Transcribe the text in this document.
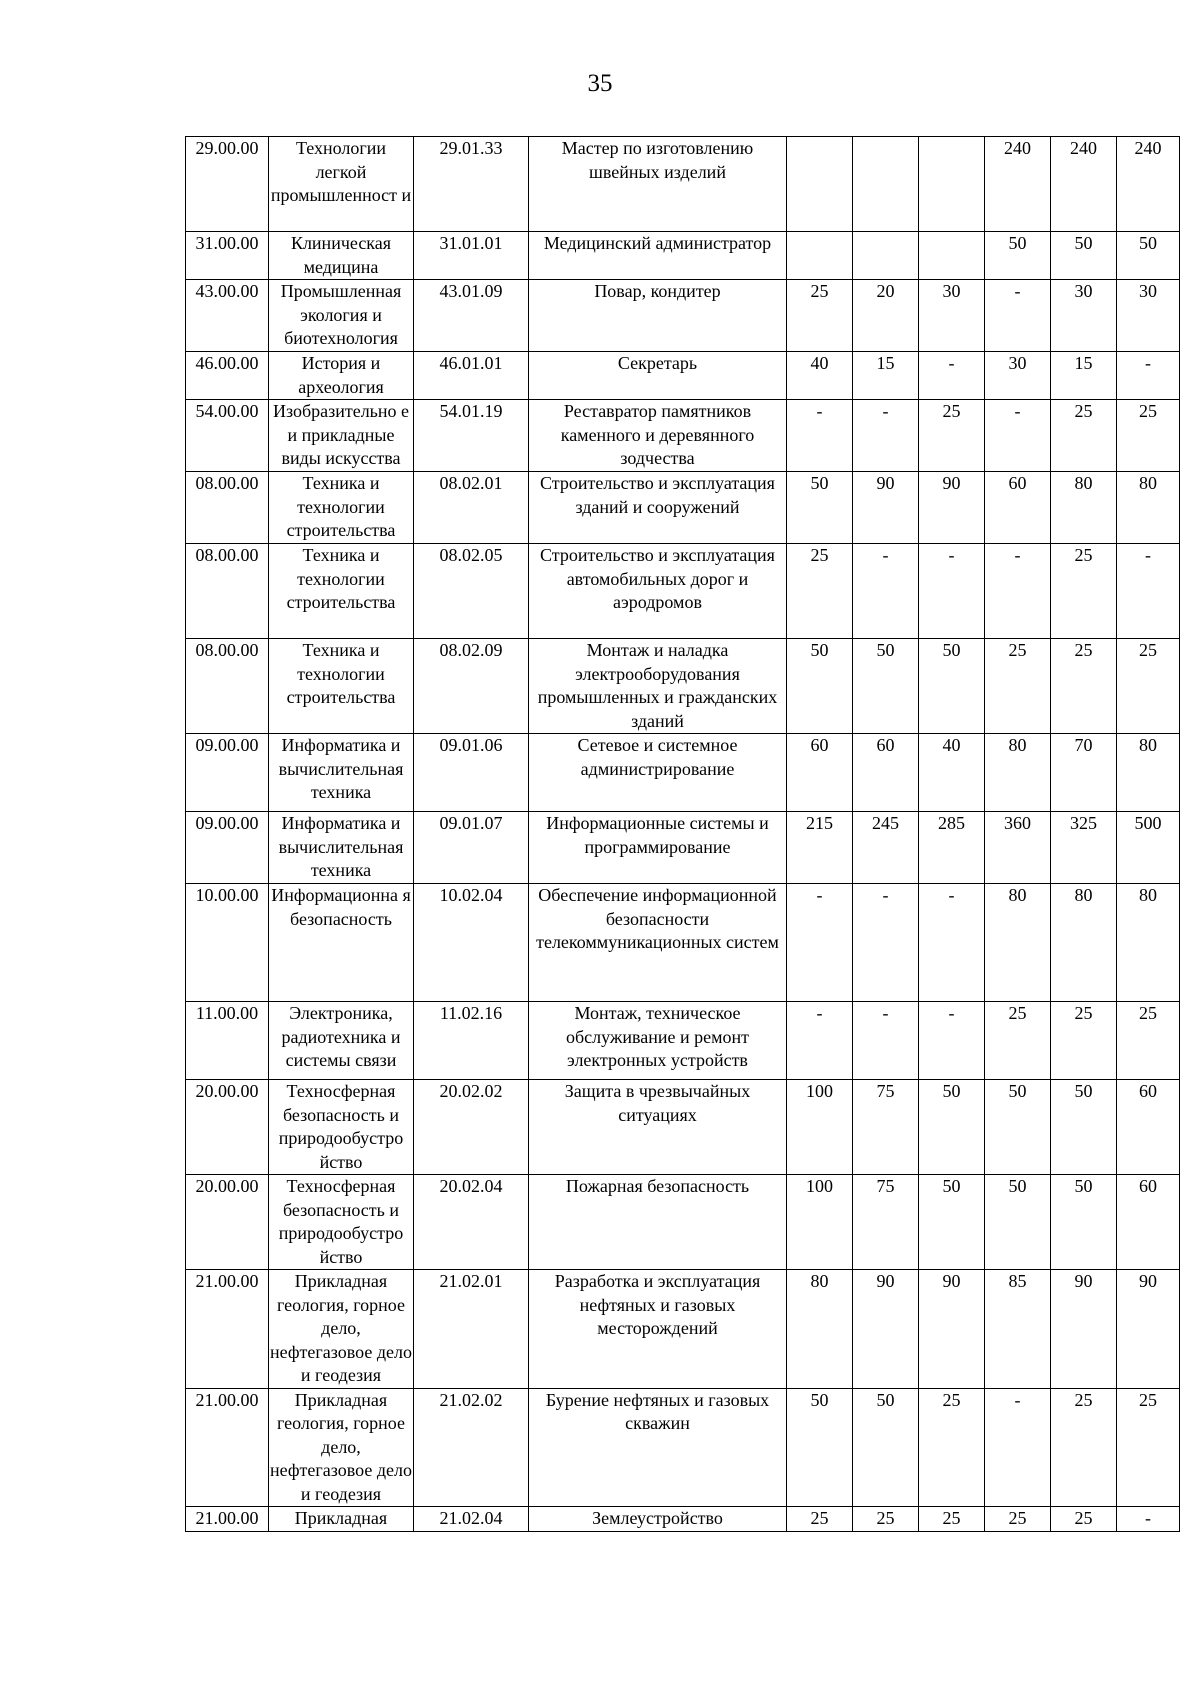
35
29.00.00	Технологии легкой промышленност и	29.01.33	Мастер по изготовлению швейных изделий				240	240	240
31.00.00	Клиническая медицина	31.01.01	Медицинский администратор				50	50	50
43.00.00	Промышленная экология и биотехнология	43.01.09	Повар, кондитер	25	20	30	-	30	30
46.00.00	История и археология	46.01.01	Секретарь	40	15	-	30	15	-
54.00.00	Изобразительно е и прикладные виды искусства	54.01.19	Реставратор памятников каменного и деревянного зодчества	-	-	25	-	25	25
08.00.00	Техника и технологии строительства	08.02.01	Строительство и эксплуатация зданий и сооружений	50	90	90	60	80	80
08.00.00	Техника и технологии строительства	08.02.05	Строительство и эксплуатация автомобильных дорог и аэродромов	25	-	-	-	25	-
08.00.00	Техника и технологии строительства	08.02.09	Монтаж и наладка электрооборудования промышленных и гражданских зданий	50	50	50	25	25	25
09.00.00	Информатика и вычислительная техника	09.01.06	Сетевое и системное администрирование	60	60	40	80	70	80
09.00.00	Информатика и вычислительная техника	09.01.07	Информационные системы и программирование	215	245	285	360	325	500
10.00.00	Информационна я безопасность	10.02.04	Обеспечение информационной безопасности телекоммуникационных систем	-	-	-	80	80	80
11.00.00	Электроника, радиотехника и системы связи	11.02.16	Монтаж, техническое обслуживание и ремонт электронных устройств	-	-	-	25	25	25
20.00.00	Техносферная безопасность и природообустро йство	20.02.02	Защита в чрезвычайных ситуациях	100	75	50	50	50	60
20.00.00	Техносферная безопасность и природообустро йство	20.02.04	Пожарная безопасность	100	75	50	50	50	60
21.00.00	Прикладная геология, горное дело, нефтегазовое дело и геодезия	21.02.01	Разработка и эксплуатация нефтяных и газовых месторождений	80	90	90	85	90	90
21.00.00	Прикладная геология, горное дело, нефтегазовое дело и геодезия	21.02.02	Бурение нефтяных и газовых скважин	50	50	25	-	25	25
21.00.00	Прикладная	21.02.04	Землеустройство	25	25	25	25	25	-
